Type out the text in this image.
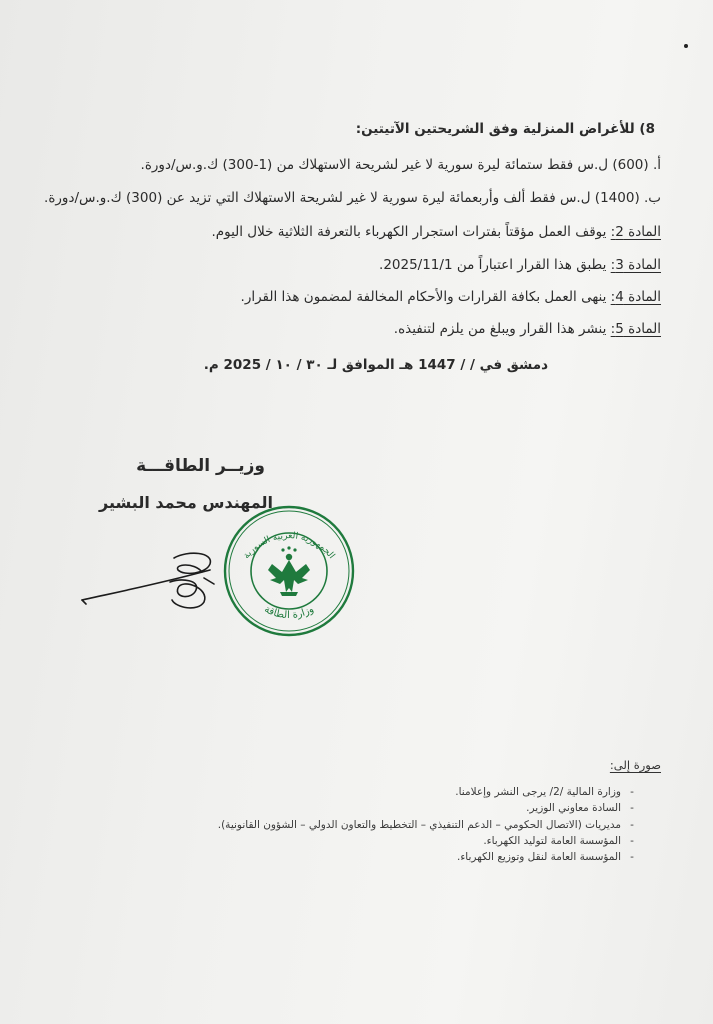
8) للأغراض المنزلية وفق الشريحتين الآتيتين:
أ. (600) ل.س فقط ستمائة ليرة سورية لا غير لشريحة الاستهلاك من (1-300) ك.و.س/دورة.
ب. (1400) ل.س فقط ألف وأربعمائة ليرة سورية لا غير لشريحة الاستهلاك التي تزيد عن (300) ك.و.س/دورة.
المادة 2: يوقف العمل مؤقتاً بفترات استجرار الكهرباء بالتعرفة الثلاثية خلال اليوم.
المادة 3: يطبق هذا القرار اعتباراً من 2025/11/1.
المادة 4: ينهى العمل بكافة القرارات والأحكام المخالفة لمضمون هذا القرار.
المادة 5: ينشر هذا القرار ويبلغ من يلزم لتنفيذه.
دمشق في / / 1447 هـ الموافق لـ ٣٠ / ١٠ / 2025 م.
وزيــر الطاقـــة
المهندس محمد البشير
الجمهورية العربية السورية
وزارة الطاقة
صورة إلى:
-وزارة المالية /2/ يرجى النشر وإعلامنا.
-السادة معاوني الوزير.
-مديريات (الاتصال الحكومي – الدعم التنفيذي – التخطيط والتعاون الدولي – الشؤون القانونية).
-المؤسسة العامة لتوليد الكهرباء.
-المؤسسة العامة لنقل وتوزيع الكهرباء.
